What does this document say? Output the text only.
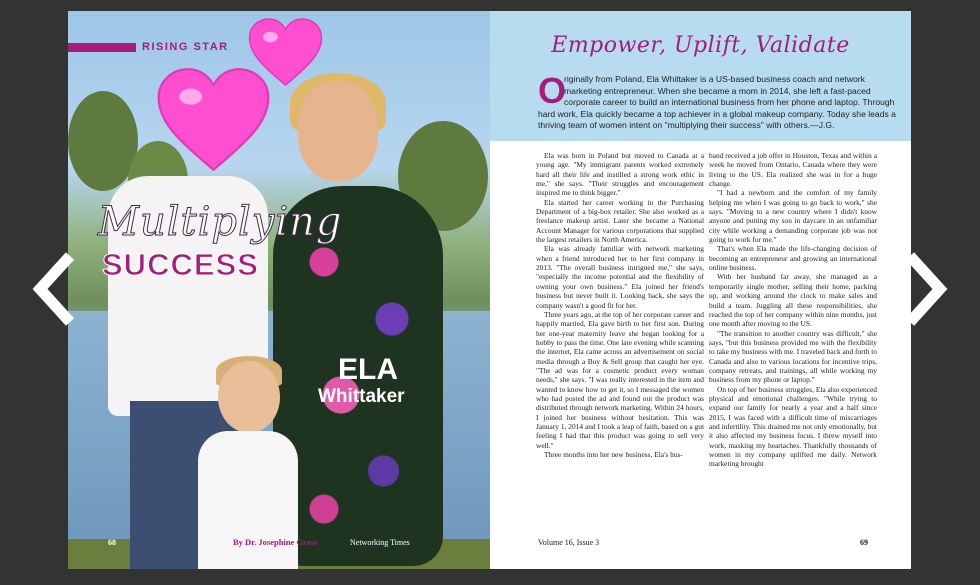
RISING STAR
Multiplying
SUCCESS
ELA
Whittaker
68	By Dr. Josephine Gross	Networking Times
Empower, Uplift, Validate
O
riginally from Poland, Ela Whittaker is a US-based business coach and network marketing entrepreneur. When she became a mom in 2014, she left a fast-paced corporate career to build an international business from her phone and laptop. Through hard work, Ela quickly became a top achiever in a global makeup company. Today she leads a thriving team of women intent on "multiplying their success" with others.—J.G.

Ela was born in Poland but moved to Canada at a young age. "My immigrant parents worked extremely hard all their life and instilled a strong work ethic in me," she says. "Their struggles and encouragement inspired me to think bigger."

Ela started her career working in the Purchasing Department of a big-box retailer. She also worked as a freelance makeup artist. Later she became a National Account Manager for various corporations that supplied the largest retailers in North America.

Ela was already familiar with network marketing when a friend introduced her to her first company in 2013. "The overall business intrigued me," she says, "especially the income potential and the flexibility of owning your own business." Ela joined her friend's business but never built it. Looking back, she says the company wasn't a good fit for her.

Three years ago, at the top of her corporate career and happily married, Ela gave birth to her first son. During her one-year maternity leave she began looking for a hobby to pass the time. One late evening while scanning the internet, Ela came across an advertisement on social media through a Buy & Sell group that caught her eye. "The ad was for a cosmetic product every woman needs," she says. "I was really interested in the item and wanted to know how to get it, so I messaged the women who had posted the ad and found out the product was distributed through network marketing. Within 24 hours, I joined her business without hesitation. This was January 1, 2014 and I took a leap of faith, based on a gut feeling I had that this product was going to sell very well."

Three months into her new business, Ela's hus-

band received a job offer in Houston, Texas and within a week he moved from Ontario, Canada where they were living to the US. Ela realized she was in for a huge change.

"I had a newborn and the comfort of my family helping me when I was going to go back to work," she says. "Moving to a new country where I didn't know anyone and putting my son in daycare in an unfamiliar city while working a demanding corporate job was not going to work for me."

That's when Ela made the life-changing decision of becoming an entrepreneur and growing an international online business.

With her husband far away, she managed as a temporarily single mother, selling their home, packing up, and working around the clock to make sales and build a team. Juggling all these responsibilities, she reached the top of her company within nine months, just one month after moving to the US.

"The transition to another country was difficult," she says, "but this business provided me with the flexibility to take my business with me. I traveled back and forth to Canada and also to various locations for incentive trips, company retreats, and trainings, all while working my business from my phone or laptop."

On top of her business struggles, Ela also experienced physical and emotional challenges. "While trying to expand our family for nearly a year and a half since 2015, I was faced with a difficult time of miscarriages and infertility. This drained me not only emotionally, but it also affected my business focus. I threw myself into work, masking my heartaches. Thankfully thousands of women in my company uplifted me daily. Network marketing brought

Volume 16, Issue 3	69
